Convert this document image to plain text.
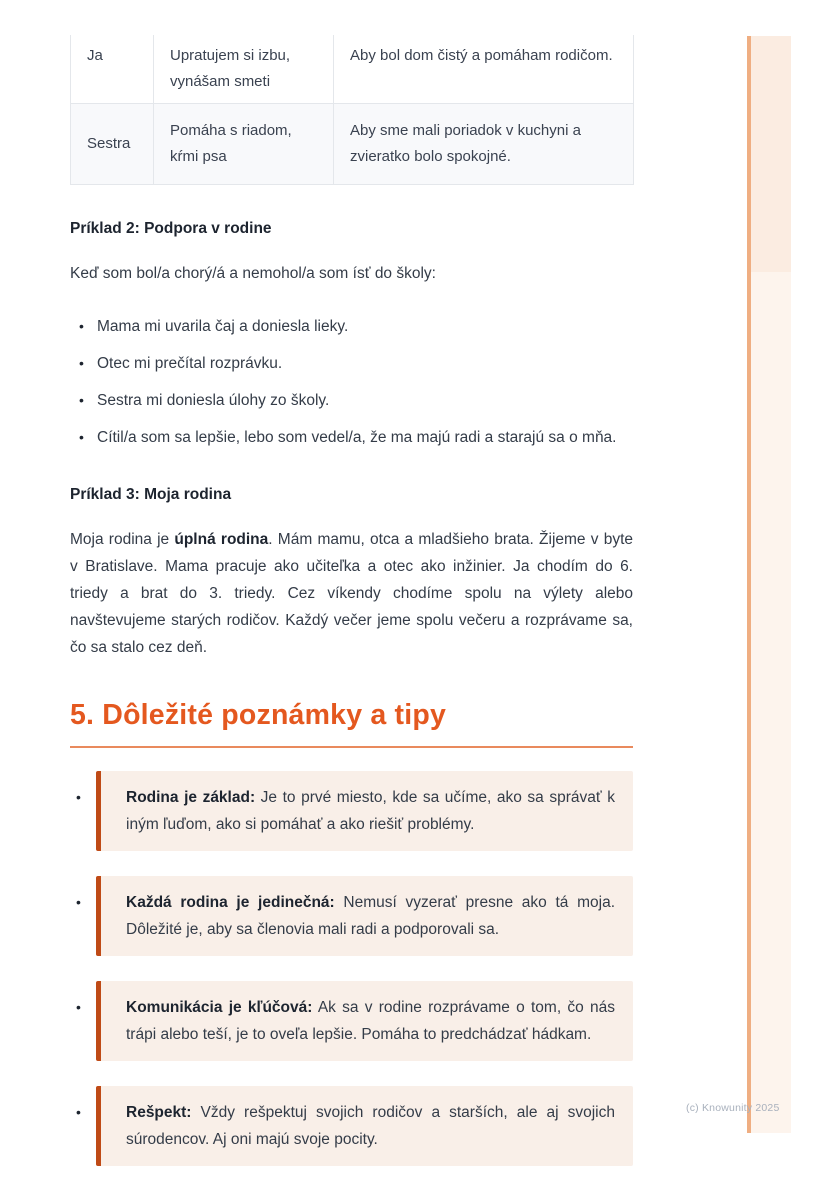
Ja	Upratujem si izbu, vynášam smeti	Aby bol dom čistý a pomáham rodičom.
Sestra	Pomáha s riadom, kŕmi psa	Aby sme mali poriadok v kuchyni a zvieratko bolo spokojné.
Príklad 2: Podpora v rodine

Keď som bol/a chorý/á a nemohol/a som ísť do školy:

• Mama mi uvarila čaj a doniesla lieky.
• Otec mi prečítal rozprávku.
• Sestra mi doniesla úlohy zo školy.
• Cítil/a som sa lepšie, lebo som vedel/a, že ma majú radi a starajú sa o mňa.
Príklad 3: Moja rodina

Moja rodina je úplná rodina. Mám mamu, otca a mladšieho brata. Žijeme v byte v Bratislave. Mama pracuje ako učiteľka a otec ako inžinier. Ja chodím do 6. triedy a brat do 3. triedy. Cez víkendy chodíme spolu na výlety alebo navštevujeme starých rodičov. Každý večer jeme spolu večeru a rozprávame sa, čo sa stalo cez deň.

5. Dôležité poznámky a tipy
•	Rodina je základ: Je to prvé miesto, kde sa učíme, ako sa správať k iným ľuďom, ako si pomáhať a ako riešiť problémy.
•	Každá rodina je jedinečná: Nemusí vyzerať presne ako tá moja. Dôležité je, aby sa členovia mali radi a podporovali sa.
•	Komunikácia je kľúčová: Ak sa v rodine rozprávame o tom, čo nás trápi alebo teší, je to oveľa lepšie. Pomáha to predchádzať hádkam.
•	Rešpekt: Vždy rešpektuj svojich rodičov a starších, ale aj svojich súrodencov. Aj oni majú svoje pocity.
(c) Knowunity 2025
